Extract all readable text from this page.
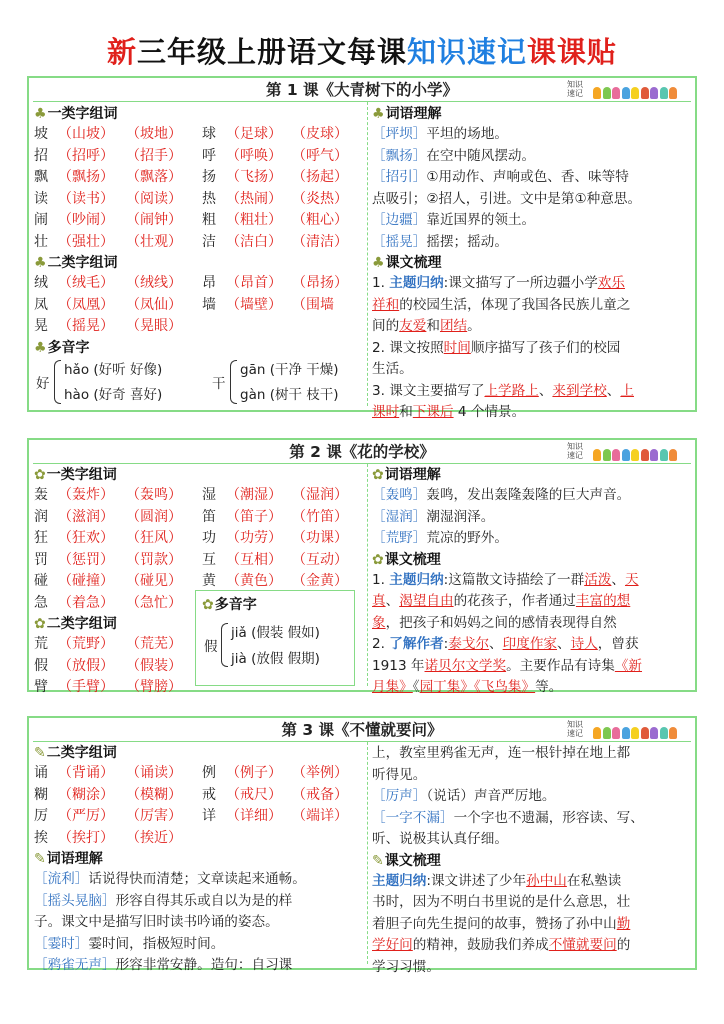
新三年级上册语文每课知识速记课课贴
第 1 课《大青树下的小学》	知识速记
♣一类字组词
坡 （山坡） （坡地） 球 （足球） （皮球）
招 （招呼） （招手） 呼 （呼唤） （呼气）
飘 （飘扬） （飘落） 扬 （飞扬） （扬起）
读 （读书） （阅读） 热 （热闹） （炎热）
闹 （吵闹） （闹钟） 粗 （粗壮） （粗心）
壮 （强壮） （壮观） 洁 （洁白） （清洁）
♣二类字组词
绒 （绒毛） （绒线） 昂 （昂首） （昂扬）
凤 （凤凰） （凤仙） 墙 （墙壁） （围墙
晃 （摇晃） （晃眼）
♣多音字
好
hǎo (好听 好像)
hào (好奇 喜好)
干
gān (干净 干燥)
gàn (树干 枝干)
♣词语理解
［坪坝］平坦的场地。
［飘扬］在空中随风摆动。
［招引］①用动作、声响或色、香、味等特
点吸引；②招人，引进。文中是第①种意思。
［边疆］靠近国界的领土。
［摇晃］摇摆；摇动。
♣课文梳理
1. 主题归纳:课文描写了一所边疆小学欢乐
祥和的校园生活，体现了我国各民族儿童之
间的友爱和团结。
2. 课文按照时间顺序描写了孩子们的校园
生活。
3. 课文主要描写了上学路上、来到学校、上
课时和下课后 4 个情景。
第 2 课《花的学校》	知识速记
✿一类字组词
轰 （轰炸） （轰鸣） 湿 （潮湿） （湿润）
润 （滋润） （圆润） 笛 （笛子） （竹笛）
狂 （狂欢） （狂风） 功 （功劳） （功课）
罚 （惩罚） （罚款） 互 （互相） （互动）
碰 （碰撞） （碰见） 黄 （黄色） （金黄）
急 （着急） （急忙）
✿二类字组词
荒 （荒野） （荒芜）
假 （放假） （假装）
臂 （手臂） （臂膀）
✿多音字
假
jiǎ (假装 假如)
jià (放假 假期)
✿词语理解
［轰鸣］轰鸣，发出轰隆轰隆的巨大声音。
［湿润］潮湿润泽。
［荒野］荒凉的野外。
✿课文梳理
1. 主题归纳:这篇散文诗描绘了一群活泼、天
真、渴望自由的花孩子，作者通过丰富的想
象，把孩子和妈妈之间的感情表现得自然
2. 了解作者:泰戈尔、印度作家、诗人，曾获
1913 年诺贝尔文学奖。主要作品有诗集《新
月集》《园丁集》《飞鸟集》等。
第 3 课《不懂就要问》	知识速记
✎二类字组词
诵 （背诵） （诵读） 例 （例子） （举例）
糊 （糊涂） （模糊） 戒 （戒尺） （戒备）
厉 （严厉） （厉害） 详 （详细） （端详）
挨 （挨打） （挨近）
✎词语理解
［流利］话说得快而清楚；文章读起来通畅。
［摇头晃脑］形容自得其乐或自以为是的样
子。课文中是描写旧时读书吟诵的姿态。
［霎时］霎时间，指极短时间。
［鸦雀无声］形容非常安静。造句：自习课
上，教室里鸦雀无声，连一根针掉在地上都
听得见。
［厉声］（说话）声音严厉地。
［一字不漏］一个字也不遗漏，形容读、写、
听、说极其认真仔细。
✎课文梳理
主题归纳:课文讲述了少年孙中山在私塾读
书时，因为不明白书里说的是什么意思，壮
着胆子向先生提问的故事，赞扬了孙中山勤
学好问的精神，鼓励我们养成不懂就要问的
学习习惯。
